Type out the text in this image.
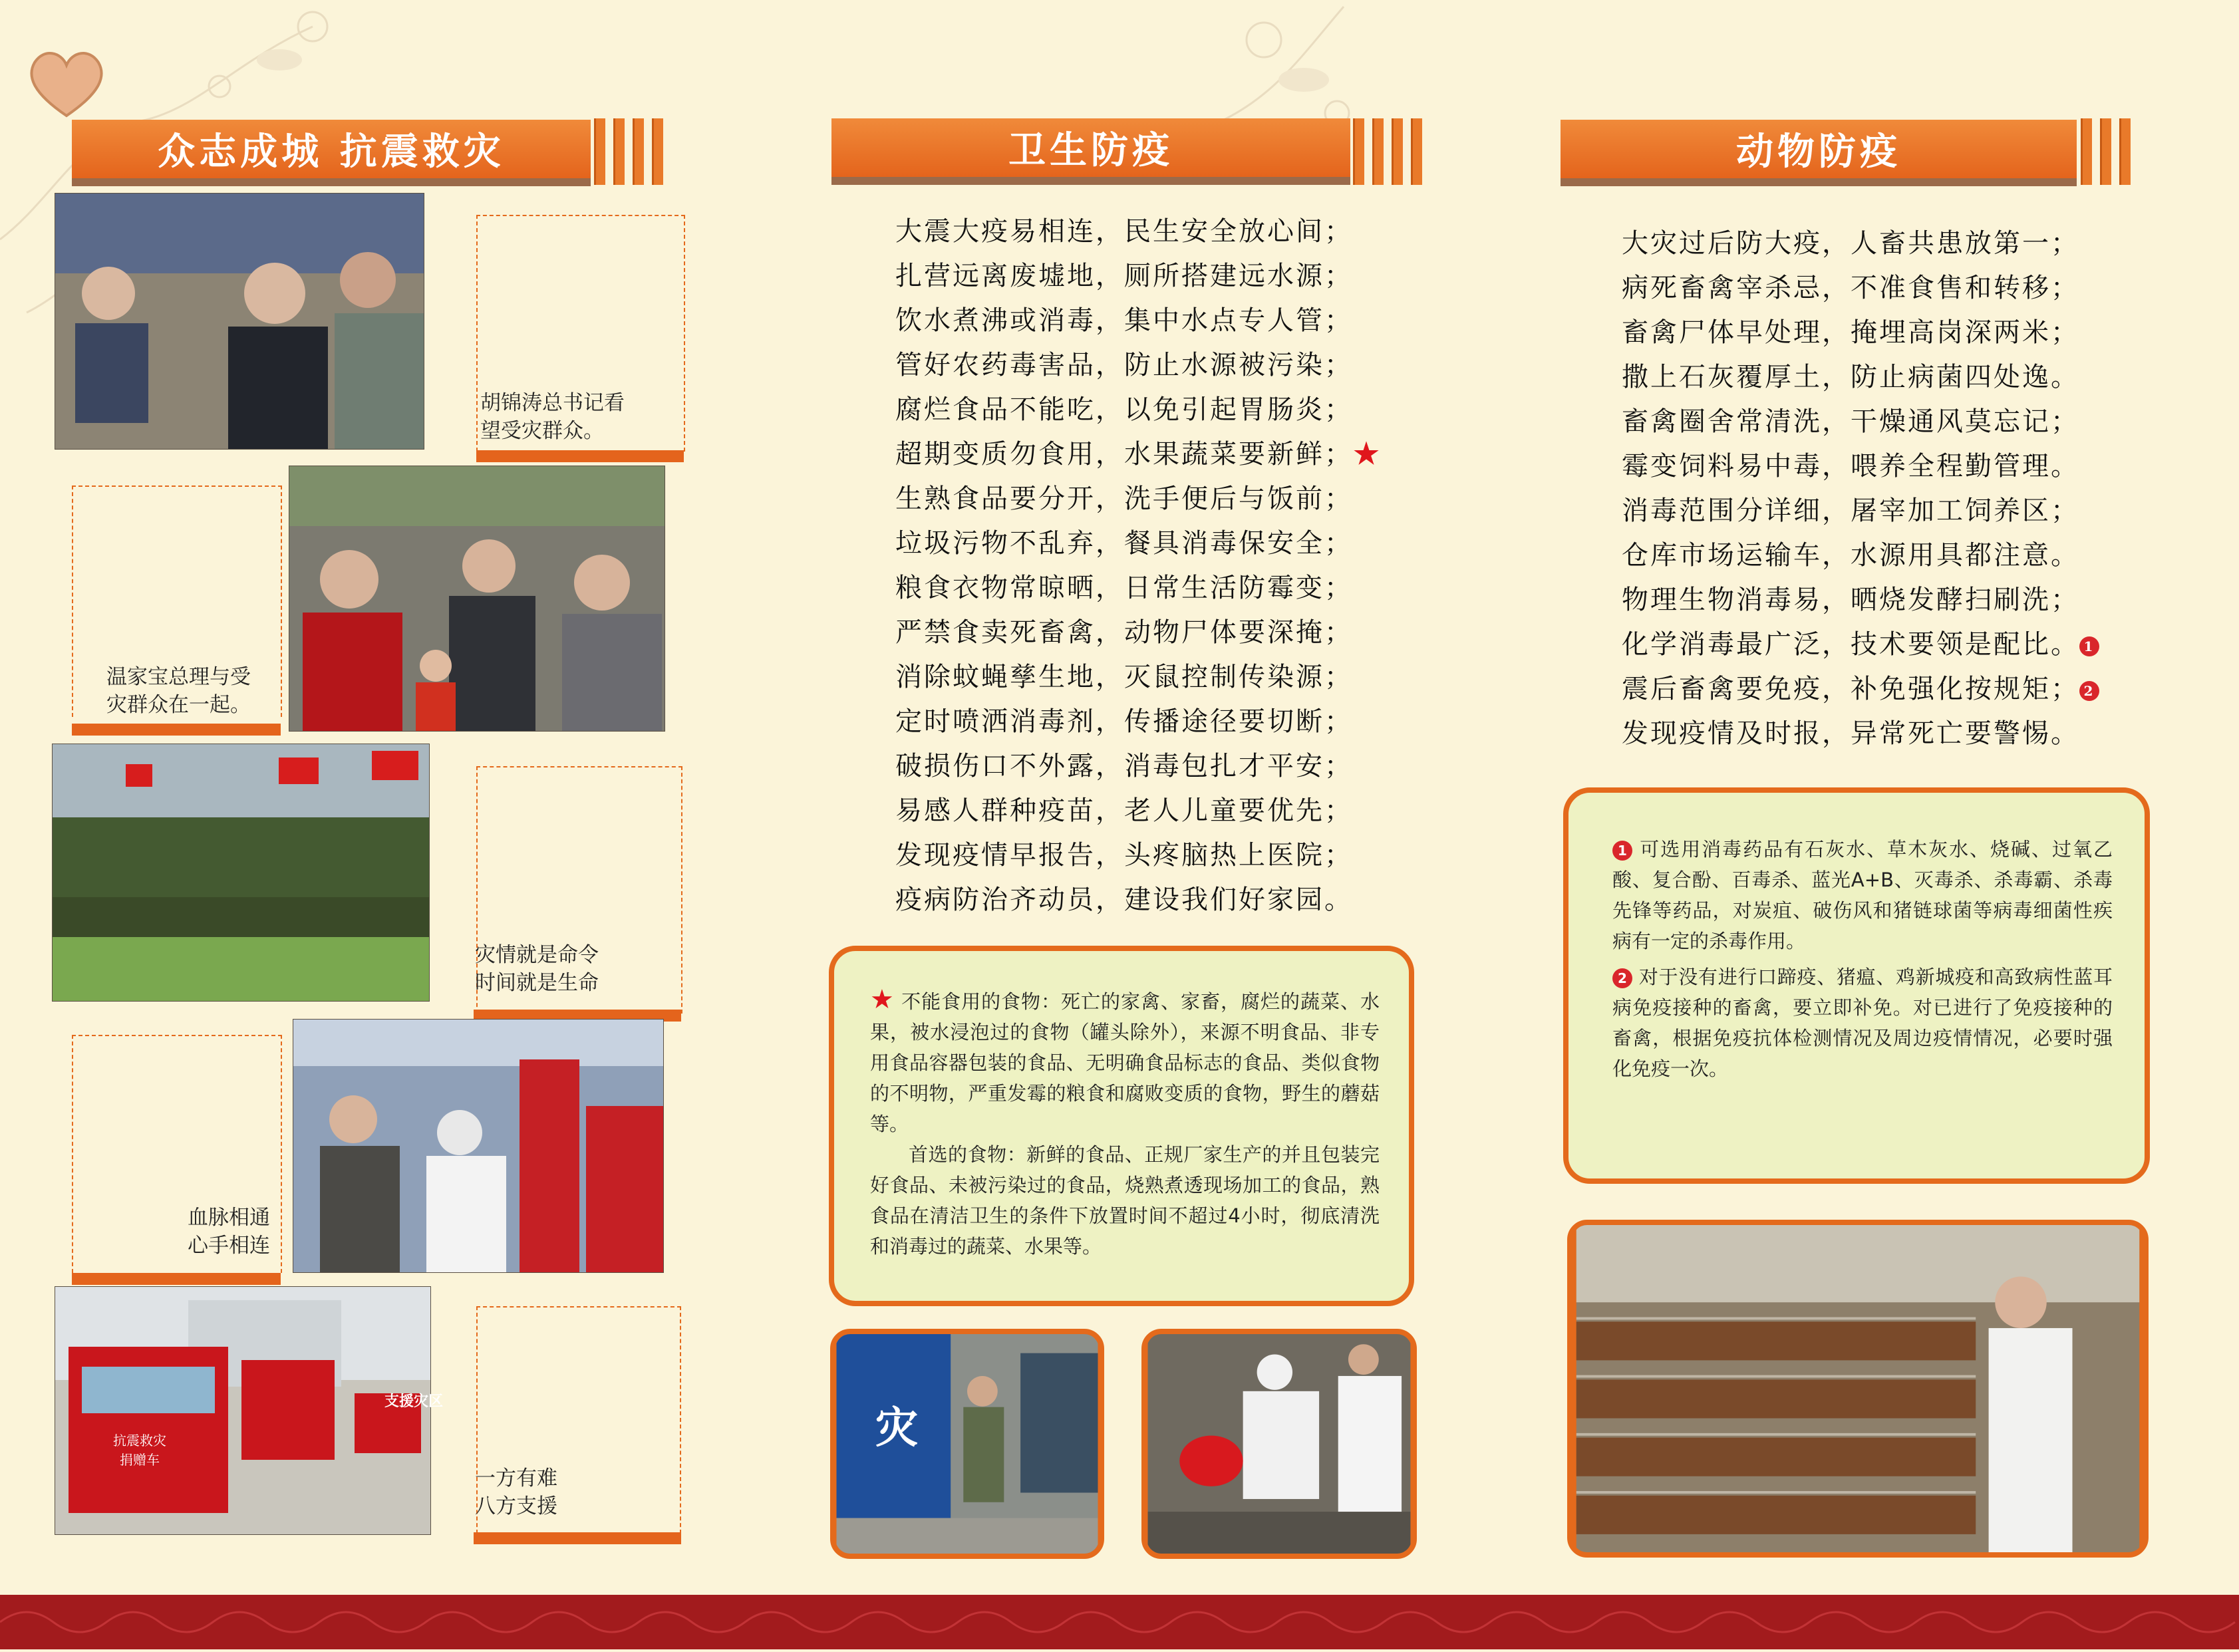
众志成城 抗震救灾
胡锦涛总书记看
望受灾群众。
温家宝总理与受
灾群众在一起。
灾情就是命令
时间就是生命
血脉相通
心手相连
抗震救灾
捐赠车
支援灾区
一方有难
八方支援
卫生防疫
大震大疫易相连，民生安全放心间；
扎营远离废墟地，厕所搭建远水源；
饮水煮沸或消毒，集中水点专人管；
管好农药毒害品，防止水源被污染；
腐烂食品不能吃，以免引起胃肠炎；
超期变质勿食用，水果蔬菜要新鲜；★
生熟食品要分开，洗手便后与饭前；
垃圾污物不乱弃，餐具消毒保安全；
粮食衣物常晾晒，日常生活防霉变；
严禁食卖死畜禽，动物尸体要深掩；
消除蚊蝇孳生地，灭鼠控制传染源；
定时喷洒消毒剂，传播途径要切断；
破损伤口不外露，消毒包扎才平安；
易感人群种疫苗，老人儿童要优先；
发现疫情早报告，头疼脑热上医院；
疫病防治齐动员，建设我们好家园。

★ 不能食用的食物：死亡的家禽、家畜，腐烂的蔬菜、水果，被水浸泡过的食物（罐头除外），来源不明食品、非专用食品容器包装的食品、无明确食品标志的食品、类似食物的不明物，严重发霉的粮食和腐败变质的食物，野生的蘑菇等。

首选的食物：新鲜的食品、正规厂家生产的并且包装完好食品、未被污染过的食品，烧熟煮透现场加工的食品，熟食品在清洁卫生的条件下放置时间不超过4小时，彻底清洗和消毒过的蔬菜、水果等。

灾
动物防疫
大灾过后防大疫，人畜共患放第一；
病死畜禽宰杀忌，不准食售和转移；
畜禽尸体早处理，掩埋高岗深两米；
撒上石灰覆厚土，防止病菌四处逸。
畜禽圈舍常清洗，干燥通风莫忘记；
霉变饲料易中毒，喂养全程勤管理。
消毒范围分详细，屠宰加工饲养区；
仓库市场运输车，水源用具都注意。
物理生物消毒易，晒烧发酵扫刷洗；
化学消毒最广泛，技术要领是配比。 1
震后畜禽要免疫，补免强化按规矩； 2
发现疫情及时报，异常死亡要警惕。

1 可选用消毒药品有石灰水、草木灰水、烧碱、过氧乙酸、复合酚、百毒杀、蓝光A+B、灭毒杀、杀毒霸、杀毒先锋等药品，对炭疽、破伤风和猪链球菌等病毒细菌性疾病有一定的杀毒作用。

2 对于没有进行口蹄疫、猪瘟、鸡新城疫和高致病性蓝耳病免疫接种的畜禽，要立即补免。对已进行了免疫接种的畜禽，根据免疫抗体检测情况及周边疫情情况，必要时强化免疫一次。
